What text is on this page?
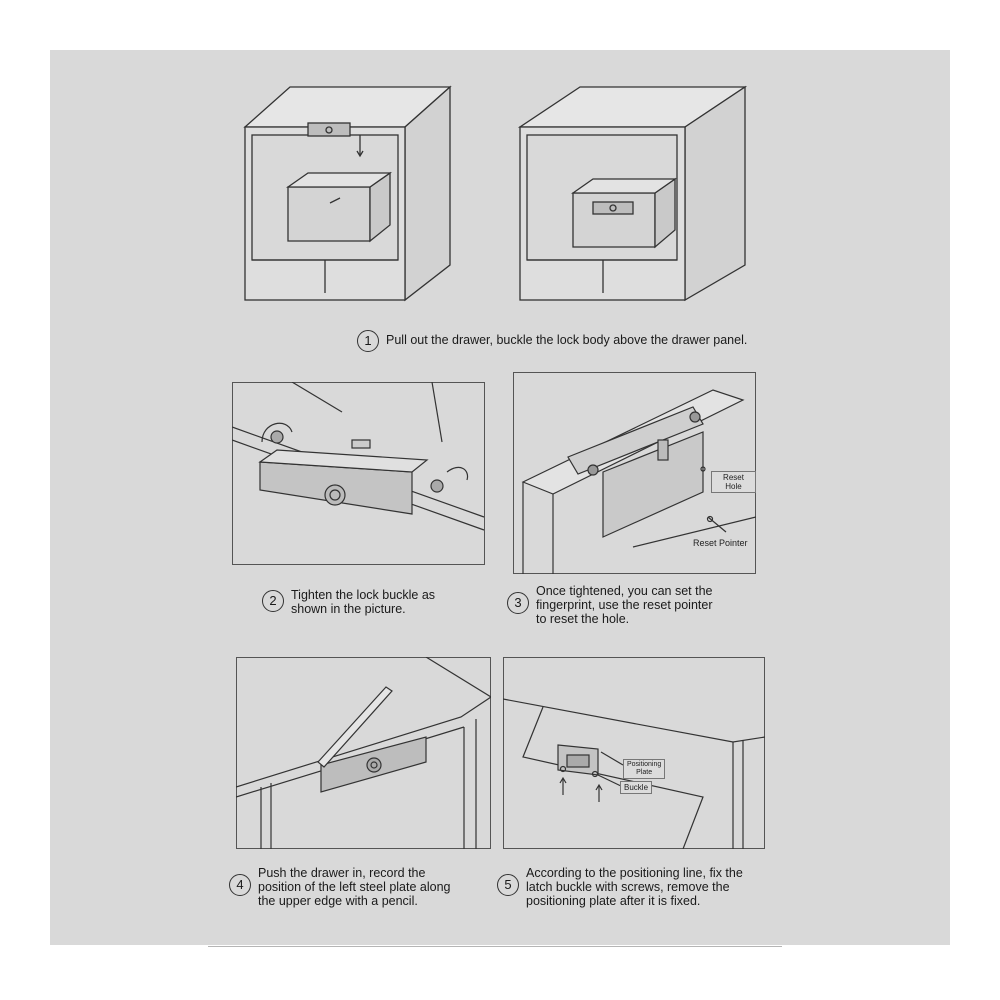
1	Pull out the drawer, buckle the lock body above the drawer panel.
Reset Hole
Reset Pointer
2	Tighten the lock buckle as
shown in the picture.	3
Once tightened, you can set the
fingerprint, use the reset pointer
to reset the hole.
Positioning
Plate
Buckle
4
Push the drawer in, record the
position of the left steel plate along
the upper edge with a pencil.
5
According to the positioning line, fix the
latch buckle with screws, remove the
positioning plate after it is fixed.
